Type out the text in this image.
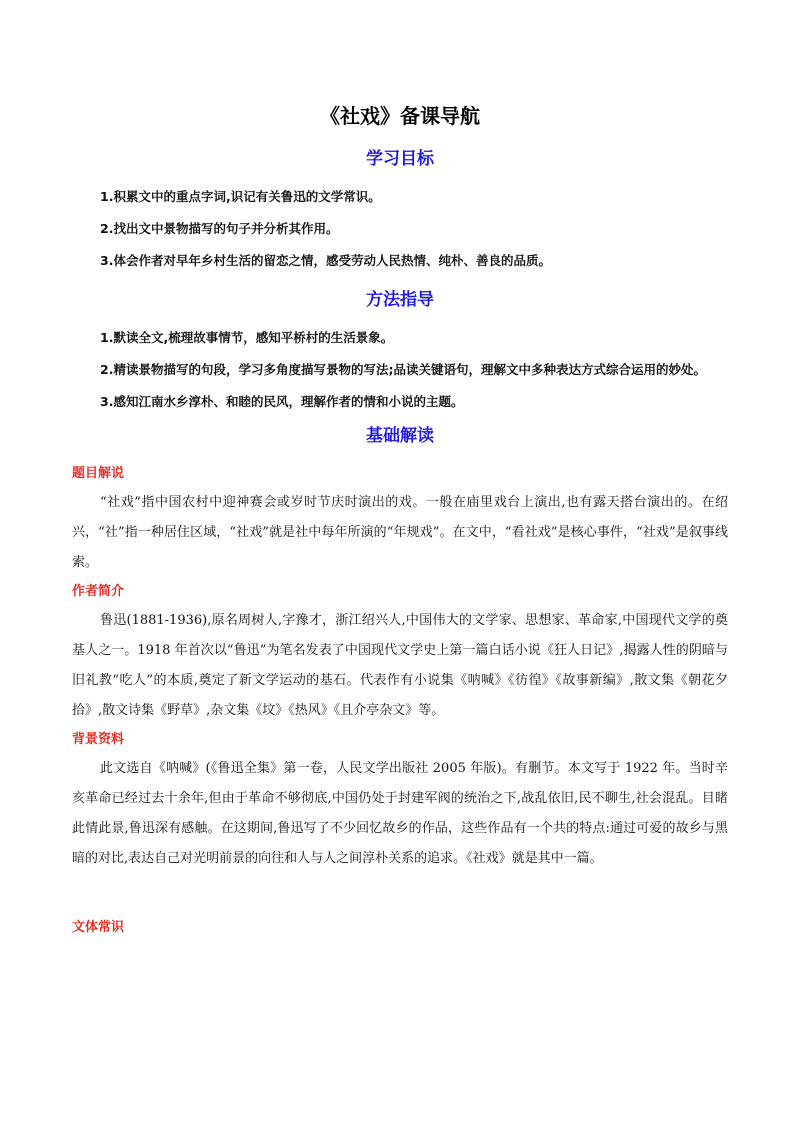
《社戏》备课导航
学习目标

1.积累文中的重点字词,识记有关鲁迅的文学常识。

2.找出文中景物描写的句子并分析其作用。

3.体会作者对早年乡村生活的留恋之情，感受劳动人民热情、纯朴、善良的品质。

方法指导

1.默读全文,梳理故事情节，感知平桥村的生活景象。

2.精读景物描写的句段，学习多角度描写景物的写法;品读关键语句，理解文中多种表达方式综合运用的妙处。

3.感知江南水乡淳朴、和睦的民风，理解作者的情和小说的主题。

基础解读
题目解说

“社戏”指中国农村中迎神赛会或岁时节庆时演出的戏。一般在庙里戏台上演出,也有露天搭台演出的。在绍兴，“社”指一种居住区域，“社戏”就是社中每年所演的“年规戏”。在文中，“看社戏”是核心事件，“社戏”是叙事线索。

作者简介

鲁迅(1881-1936),原名周树人,字豫才，浙江绍兴人,中国伟大的文学家、思想家、革命家,中国现代文学的奠基人之一。1918 年首次以“鲁迅”为笔名发表了中国现代文学史上第一篇白话小说《狂人日记》,揭露人性的阴暗与旧礼教“吃人”的本质,奠定了新文学运动的基石。代表作有小说集《呐喊》《彷徨》《故事新编》,散文集《朝花夕拾》,散文诗集《野草》,杂文集《坟》《热风》《且介亭杂文》等。

背景资料

此文选自《呐喊》(《鲁迅全集》第一卷，人民文学出版社 2005 年版)。有删节。本文写于 1922 年。当时辛亥革命已经过去十余年,但由于革命不够彻底,中国仍处于封建军阀的统治之下,战乱依旧,民不聊生,社会混乱。目睹此情此景,鲁迅深有感触。在这期间,鲁迅写了不少回忆故乡的作品，这些作品有一个共的特点:通过可爱的故乡与黑暗的对比,表达自己对光明前景的向往和人与人之间淳朴关系的追求。《社戏》就是其中一篇。

文体常识
